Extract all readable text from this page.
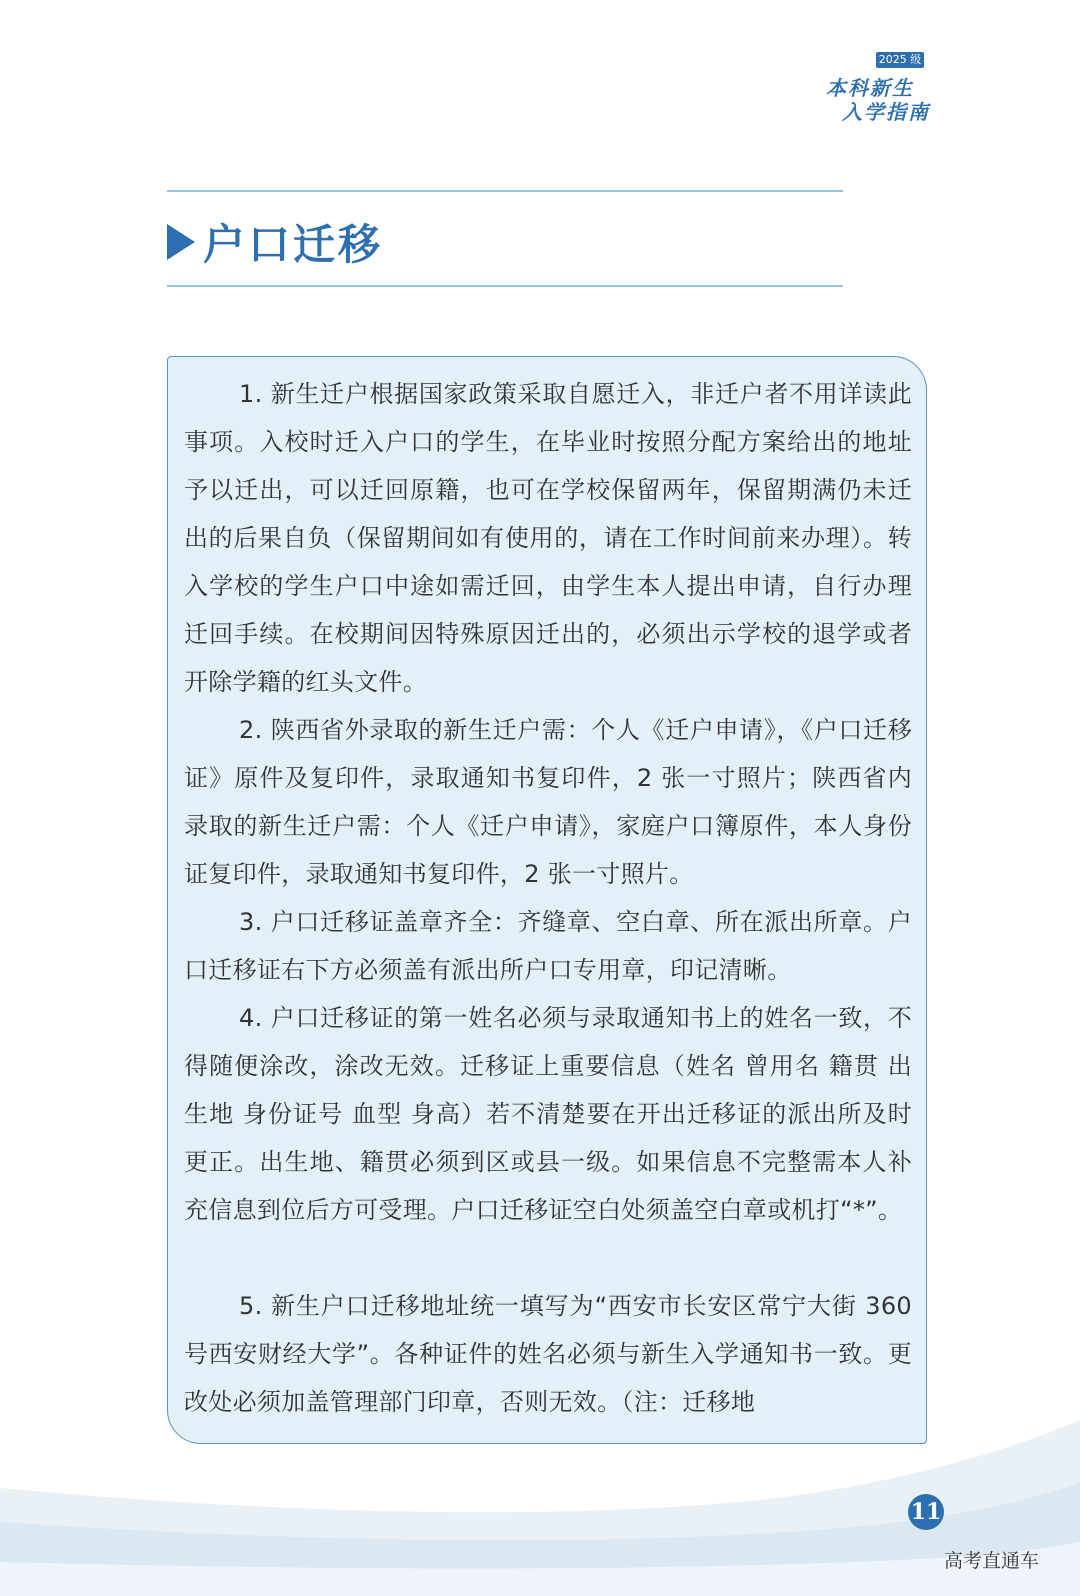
2025 级
本科新生
入学指南
户口迁移

1. 新生迁户根据国家政策采取自愿迁入，非迁户者不用详读此事项。入校时迁入户口的学生，在毕业时按照分配方案给出的地址予以迁出，可以迁回原籍，也可在学校保留两年，保留期满仍未迁出的后果自负（保留期间如有使用的，请在工作时间前来办理）。转入学校的学生户口中途如需迁回，由学生本人提出申请，自行办理迁回手续。在校期间因特殊原因迁出的，必须出示学校的退学或者开除学籍的红头文件。

2. 陕西省外录取的新生迁户需：个人《迁户申请》，《户口迁移证》原件及复印件，录取通知书复印件，2 张一寸照片；陕西省内录取的新生迁户需：个人《迁户申请》，家庭户口簿原件，本人身份证复印件，录取通知书复印件，2 张一寸照片。

3. 户口迁移证盖章齐全：齐缝章、空白章、所在派出所章。户口迁移证右下方必须盖有派出所户口专用章，印记清晰。

4. 户口迁移证的第一姓名必须与录取通知书上的姓名一致，不得随便涂改，涂改无效。迁移证上重要信息（姓名 曾用名 籍贯 出生地 身份证号 血型 身高）若不清楚要在开出迁移证的派出所及时更正。出生地、籍贯必须到区或县一级。如果信息不完整需本人补充信息到位后方可受理。户口迁移证空白处须盖空白章或机打“*”。

5. 新生户口迁移地址统一填写为“西安市长安区常宁大街 360 号西安财经大学”。各种证件的姓名必须与新生入学通知书一致。更改处必须加盖管理部门印章，否则无效。（注：迁移地

11
高考直通车
